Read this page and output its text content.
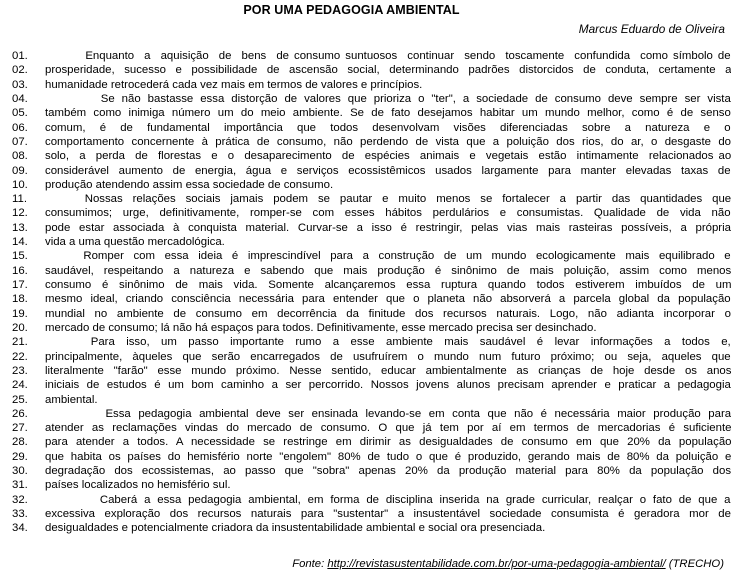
POR UMA PEDAGOGIA AMBIENTAL
Marcus Eduardo de Oliveira
01.	Enquanto  a  aquisição  de  bens  de consumo suntuosos  continuar  sendo  toscamente  confundida  como símbolo de
02.	prosperidade, sucesso e possibilidade de ascensão social, determinando padrões distorcidos de conduta, certamente a
03.	humanidade retrocederá cada vez mais em termos de valores e princípios.
04.	Se não bastasse essa distorção de valores que prioriza o "ter", a sociedade de consumo deve sempre ser vista
05.	também como inimiga número um do meio ambiente. Se de fato desejamos habitar um mundo melhor, como é de senso
06.	comum,  é  de  fundamental  importância  que  todos  desenvolvam  visões  diferenciadas  sobre  a  natureza  e  o
07.	comportamento concernente à prática de consumo, não perdendo de vista que a poluição dos rios, do ar, o desgaste do
08.	solo,  a  perda  de  florestas  e  o  desaparecimento  de  espécies  animais  e  vegetais  estão  intimamente  relacionados ao
09.	considerável aumento de energia, água e serviços ecossistêmicos usados largamente para manter elevadas taxas de
10.	produção atendendo assim essa sociedade de consumo.
11.	Nossas  relações  sociais  jamais  podem  se  pautar  e  muito  menos  se  fortalecer  a  partir  das  quantidades  que
12.	consumimos; urge, definitivamente, romper-se com esses hábitos perdulários e consumistas. Qualidade de vida não
13.	pode estar associada à conquista material. Curvar-se a isso é restringir, pelas vias mais rasteiras possíveis, a própria
14.	vida a uma questão mercadológica.
15.	Romper  com  essa  ideia  é  imprescindível  para  a  construção  de  um  mundo  ecologicamente  mais  equilibrado  e
16.	saudável, respeitando a natureza e sabendo que mais produção é sinônimo de mais poluição, assim como menos
17.	consumo  é  sinônimo  de  mais  vida.  Somente  alcançaremos  essa  ruptura  quando  todos  estiverem  imbuídos  de  um
18.	mesmo ideal, criando consciência necessária para entender que o planeta não absorverá a parcela global da população
19.	mundial no ambiente de consumo em decorrência da finitude dos recursos naturais. Logo, não adianta incorporar o
20.	mercado de consumo; lá não há espaços para todos. Definitivamente, esse mercado precisa ser desinchado.
21.	Para  isso,  um  passo  importante  rumo  a  esse  ambiente  mais  saudável  é  levar  informações  a  todos  e,
22.	principalmente, àqueles que serão encarregados de usufruírem o mundo num futuro próximo; ou seja, aqueles que
23.	literalmente "farão" esse mundo próximo. Nesse sentido, educar ambientalmente as crianças de hoje desde os anos
24.	iniciais de estudos é um bom caminho a ser percorrido. Nossos jovens alunos precisam aprender e praticar a pedagogia
25.	ambiental.
26.	Essa pedagogia ambiental deve ser ensinada levando-se em conta que não é necessária maior produção para
27.	atender as reclamações vindas do mercado de consumo. O que já tem por aí em termos de mercadorias é suficiente
28.	para atender a todos. A necessidade se restringe em dirimir as desigualdades de consumo em que 20% da população
29.	que habita os países do hemisfério norte "engolem" 80% de tudo o que é produzido, gerando mais de 80% da poluição e
30.	degradação dos ecossistemas, ao passo que "sobra" apenas 20% da produção material para 80% da população dos
31.	países localizados no hemisfério sul.
32.	Caberá a essa pedagogia ambiental, em forma de disciplina inserida na grade curricular, realçar o fato de que a
33.	excessiva exploração dos recursos naturais para "sustentar" a insustentável sociedade consumista é geradora mor de
34.	desigualdades e potencialmente criadora da insustentabilidade ambiental e social ora presenciada.
Fonte: http://revistasustentabilidade.com.br/por-uma-pedagogia-ambiental/ (TRECHO)
